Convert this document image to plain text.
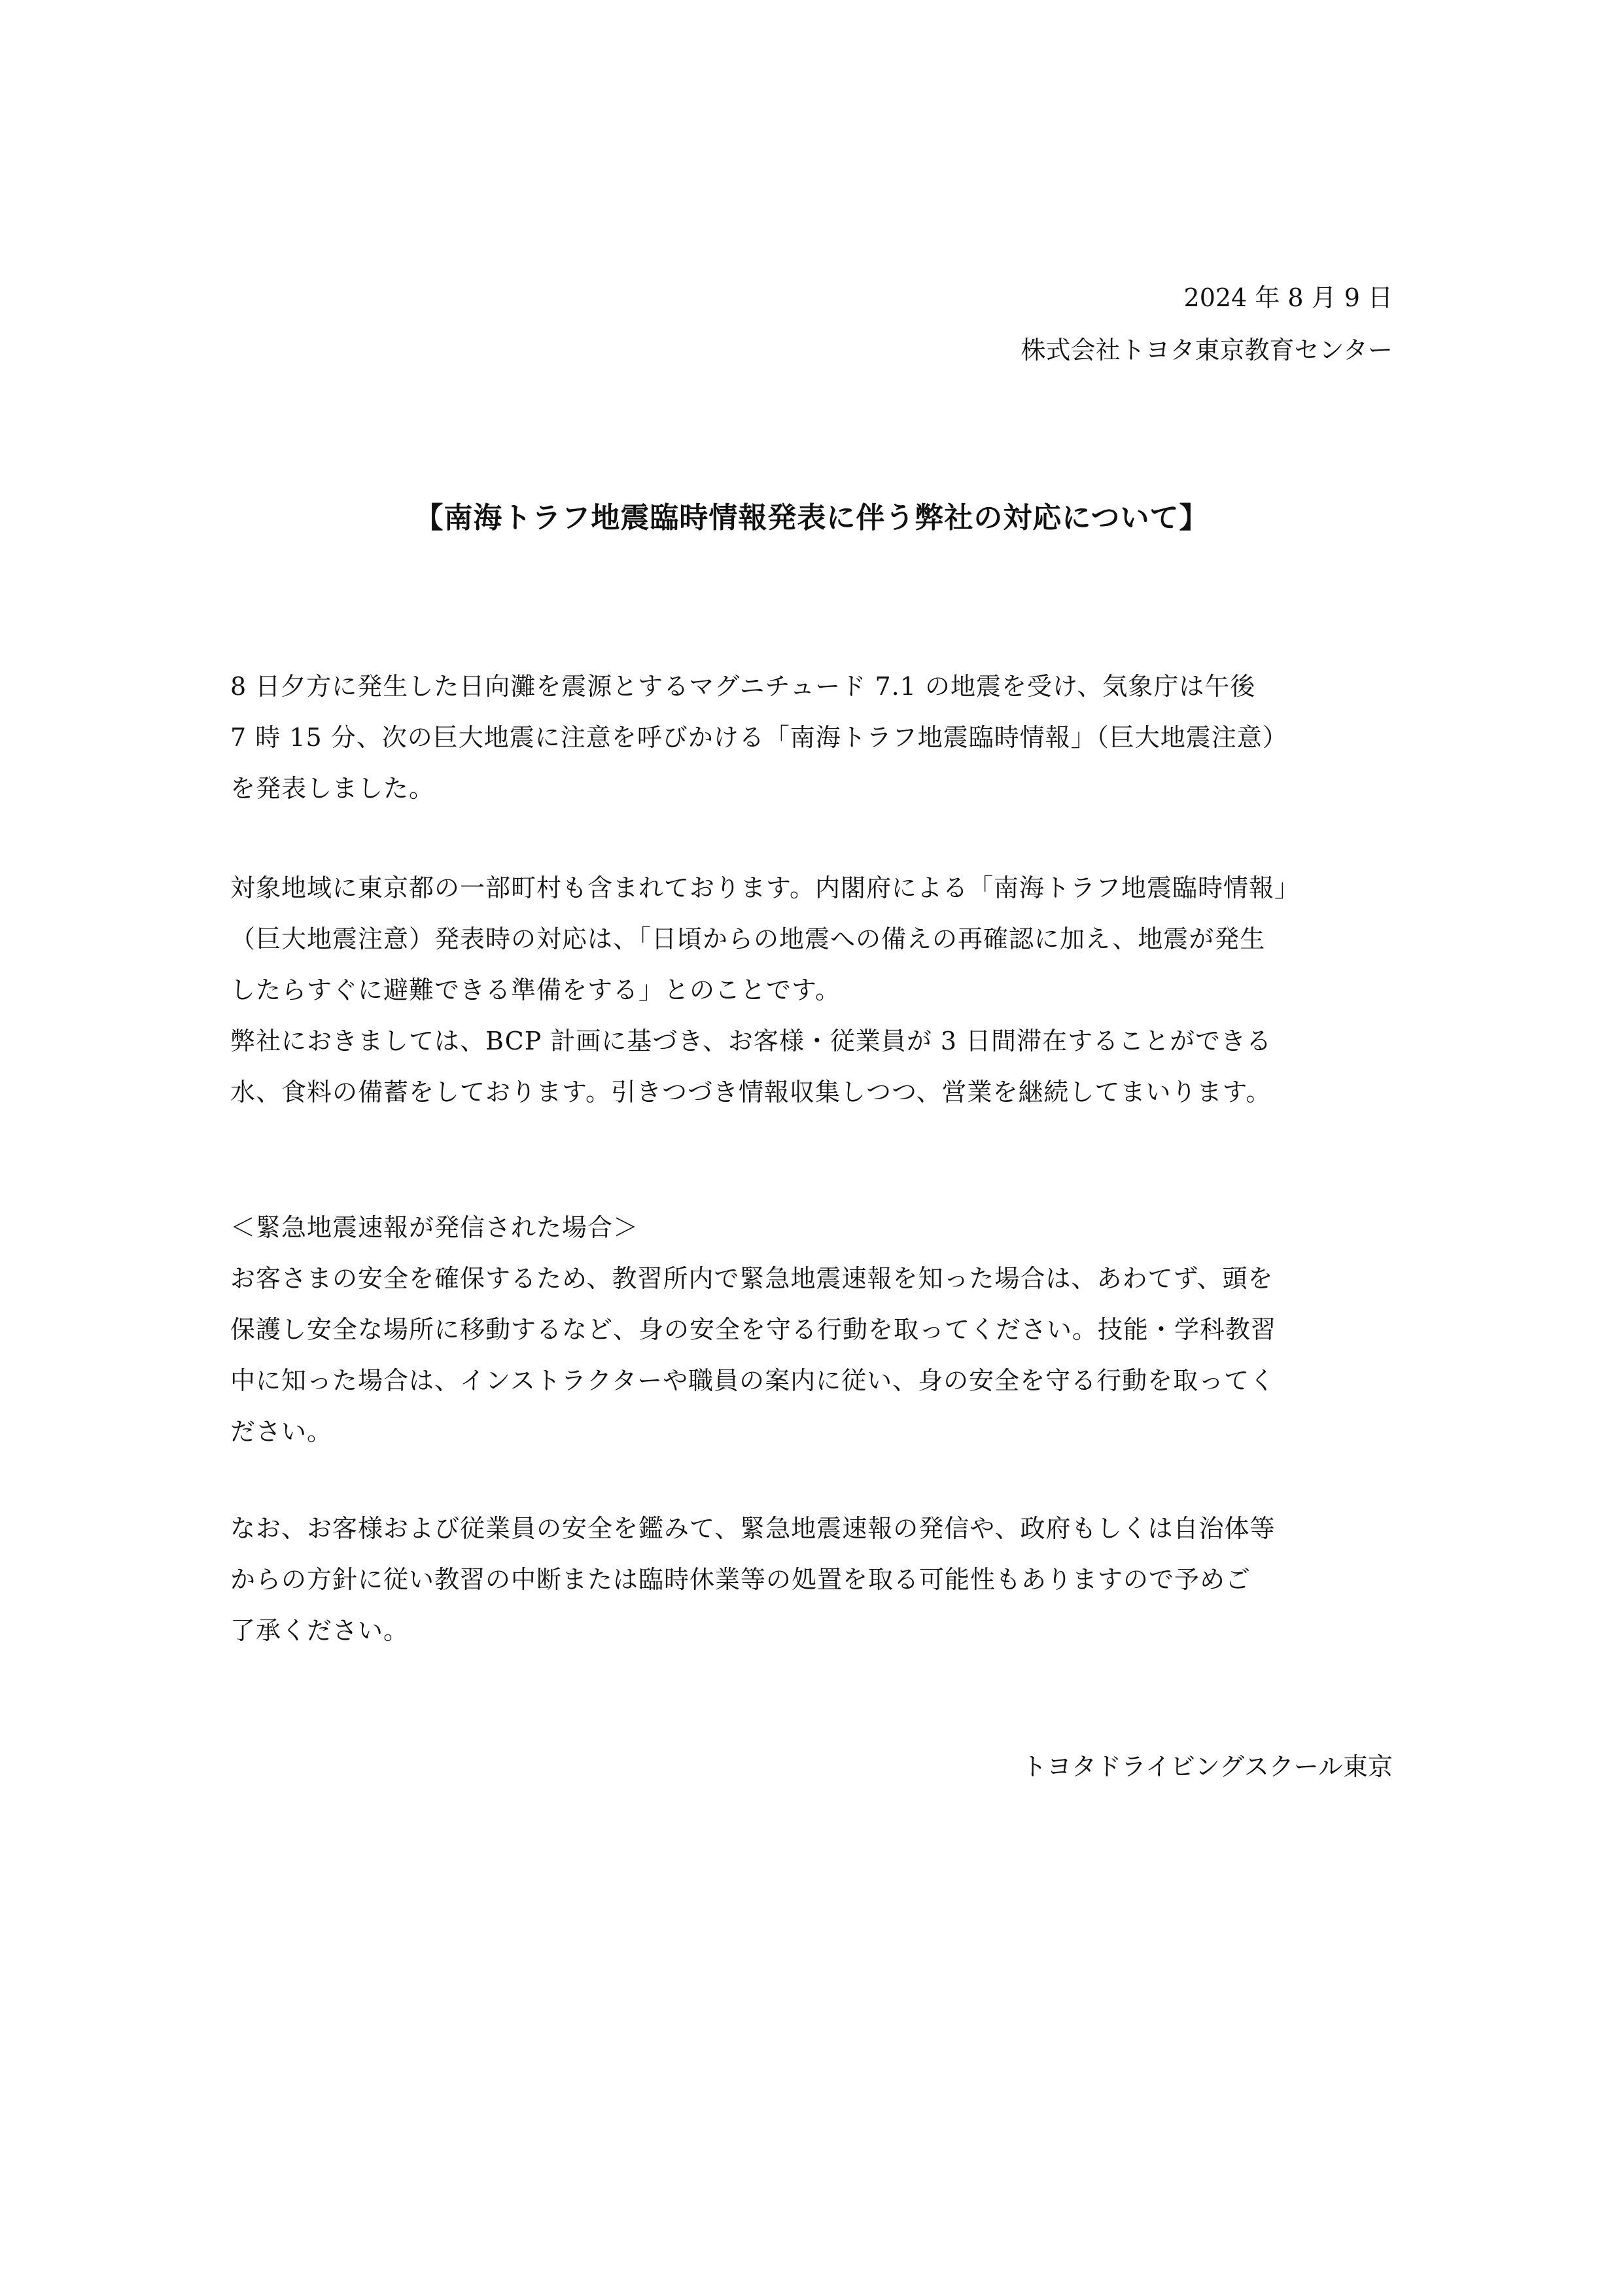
2024 年 8 月 9 日
株式会社トヨタ東京教育センター
【南海トラフ地震臨時情報発表に伴う弊社の対応について】
8 日夕方に発生した日向灘を震源とするマグニチュード 7.1 の地震を受け、気象庁は午後
7 時 15 分、次の巨大地震に注意を呼びかける「南海トラフ地震臨時情報」（巨大地震注意）
を発表しました。
対象地域に東京都の一部町村も含まれております。内閣府による「南海トラフ地震臨時情報」
（巨大地震注意）発表時の対応は、「日頃からの地震への備えの再確認に加え、地震が発生
したらすぐに避難できる準備をする」とのことです。
弊社におきましては、BCP 計画に基づき、お客様・従業員が 3 日間滞在することができる
水、食料の備蓄をしております。引きつづき情報収集しつつ、営業を継続してまいります。
＜緊急地震速報が発信された場合＞
お客さまの安全を確保するため、教習所内で緊急地震速報を知った場合は、あわてず、頭を
保護し安全な場所に移動するなど、身の安全を守る行動を取ってください。技能・学科教習
中に知った場合は、インストラクターや職員の案内に従い、身の安全を守る行動を取ってく
ださい。
なお、お客様および従業員の安全を鑑みて、緊急地震速報の発信や、政府もしくは自治体等
からの方針に従い教習の中断または臨時休業等の処置を取る可能性もありますので予めご
了承ください。
トヨタドライビングスクール東京
